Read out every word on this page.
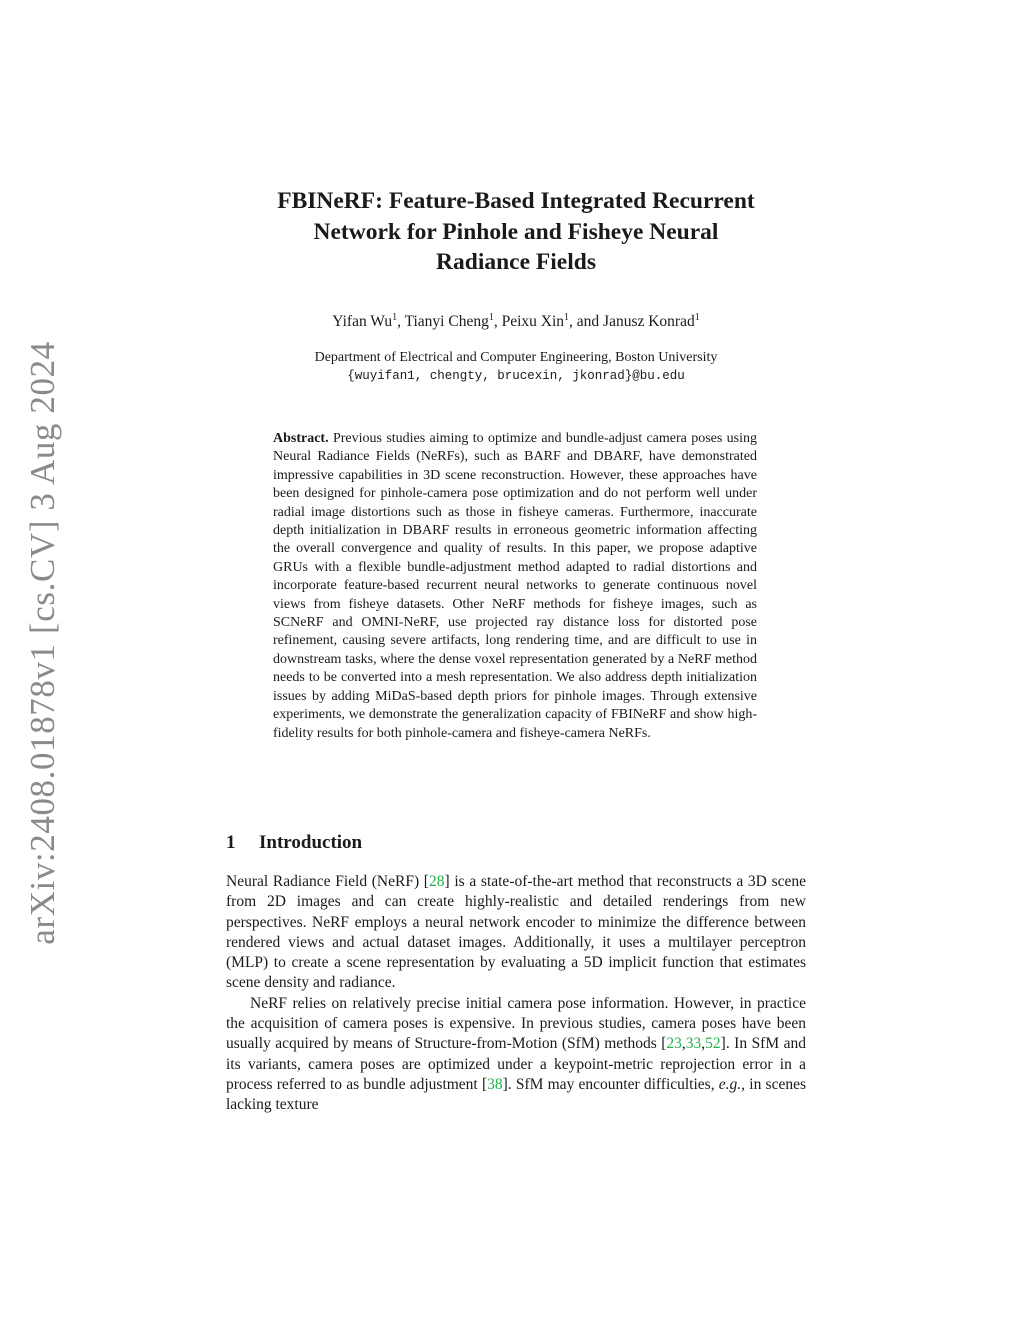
arXiv:2408.01878v1 [cs.CV] 3 Aug 2024
FBINeRF: Feature-Based Integrated Recurrent
Network for Pinhole and Fisheye Neural
Radiance Fields
Yifan Wu$^1$, Tianyi Cheng$^1$, Peixu Xin$^1$, and Janusz Konrad$^1$
Department of Electrical and Computer Engineering, Boston University
{wuyifan1, chengty, brucexin, jkonrad}@bu.edu
Abstract. Previous studies aiming to optimize and bundle-adjust camera poses using Neural Radiance Fields (NeRFs), such as BARF and DBARF, have demonstrated impressive capabilities in 3D scene reconstruction. However, these approaches have been designed for pinhole-camera pose optimization and do not perform well under radial image distortions such as those in fisheye cameras. Furthermore, inaccurate depth initialization in DBARF results in erroneous geometric information affecting the overall convergence and quality of results. In this paper, we propose adaptive GRUs with a flexible bundle-adjustment method adapted to radial distortions and incorporate feature-based recurrent neural networks to generate continuous novel views from fisheye datasets. Other NeRF methods for fisheye images, such as SCNeRF and OMNI-NeRF, use projected ray distance loss for distorted pose refinement, causing severe artifacts, long rendering time, and are difficult to use in downstream tasks, where the dense voxel representation generated by a NeRF method needs to be converted into a mesh representation. We also address depth initialization issues by adding MiDaS-based depth priors for pinhole images. Through extensive experiments, we demonstrate the generalization capacity of FBINeRF and show high-fidelity results for both pinhole-camera and fisheye-camera NeRFs.
1 Introduction

Neural Radiance Field (NeRF) [28] is a state-of-the-art method that reconstructs a 3D scene from 2D images and can create highly-realistic and detailed renderings from new perspectives. NeRF employs a neural network encoder to minimize the difference between rendered views and actual dataset images. Additionally, it uses a multilayer perceptron (MLP) to create a scene representation by evaluating a 5D implicit function that estimates scene density and radiance.

NeRF relies on relatively precise initial camera pose information. However, in practice the acquisition of camera poses is expensive. In previous studies, camera poses have been usually acquired by means of Structure-from-Motion (SfM) methods [23,33,52]. In SfM and its variants, camera poses are optimized under a keypoint-metric reprojection error in a process referred to as bundle adjustment [38]. SfM may encounter difficulties, e.g., in scenes lacking texture
